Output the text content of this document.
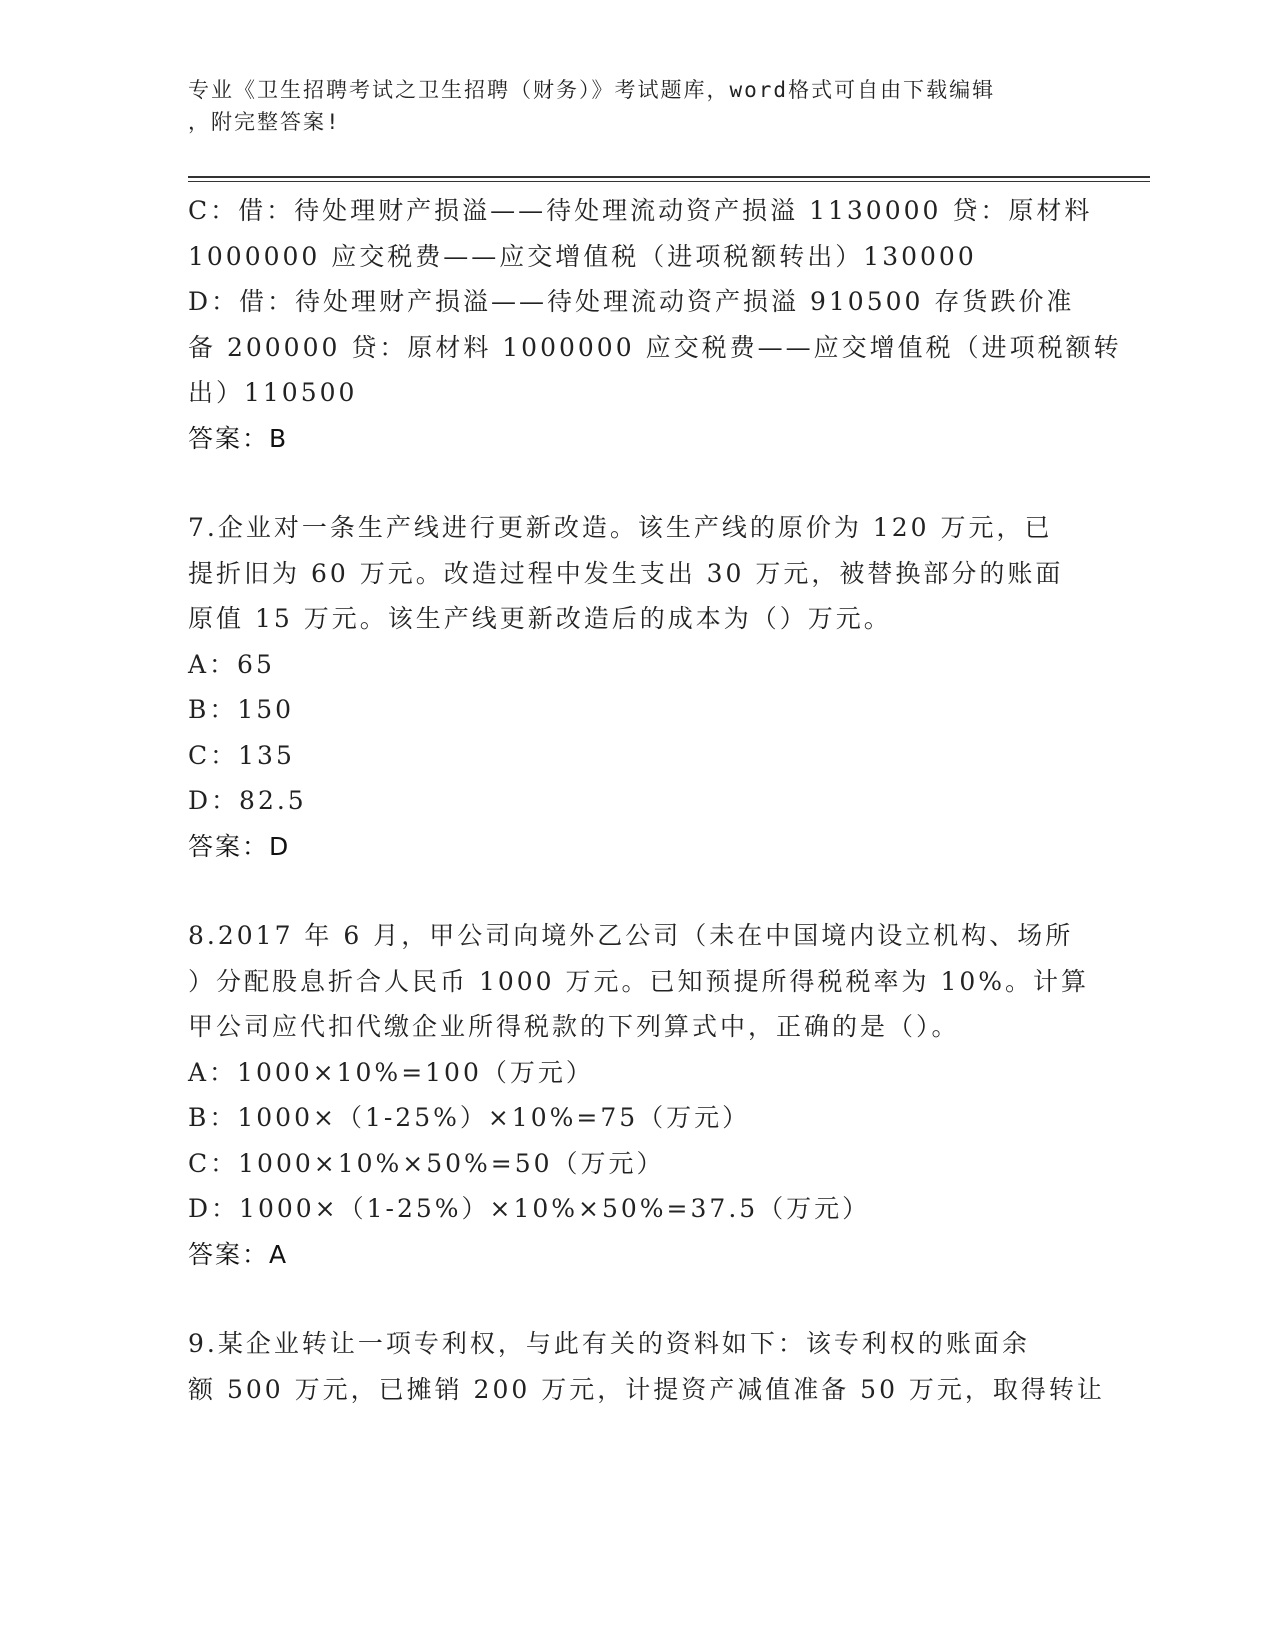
专业《卫生招聘考试之卫生招聘（财务）》考试题库，word格式可自由下载编辑
，附完整答案!
C：借：待处理财产损溢——待处理流动资产损溢 1130000 贷：原材料
1000000 应交税费——应交增值税（进项税额转出）130000
D：借：待处理财产损溢——待处理流动资产损溢 910500 存货跌价准
备 200000 贷：原材料 1000000 应交税费——应交增值税（进项税额转
出）110500
答案：B
7.企业对一条生产线进行更新改造。该生产线的原价为 120 万元，已
提折旧为 60 万元。改造过程中发生支出 30 万元，被替换部分的账面
原值 15 万元。该生产线更新改造后的成本为（）万元。
A：65
B：150
C：135
D：82.5
答案：D
8.2017 年 6 月，甲公司向境外乙公司（未在中国境内设立机构、场所
）分配股息折合人民币 1000 万元。已知预提所得税税率为 10%。计算
甲公司应代扣代缴企业所得税款的下列算式中，正确的是（）。
A：1000×10%=100（万元）
B：1000×（1-25%）×10%=75（万元）
C：1000×10%×50%=50（万元）
D：1000×（1-25%）×10%×50%=37.5（万元）
答案：A
9.某企业转让一项专利权，与此有关的资料如下：该专利权的账面余
额 500 万元，已摊销 200 万元，计提资产减值准备 50 万元，取得转让
